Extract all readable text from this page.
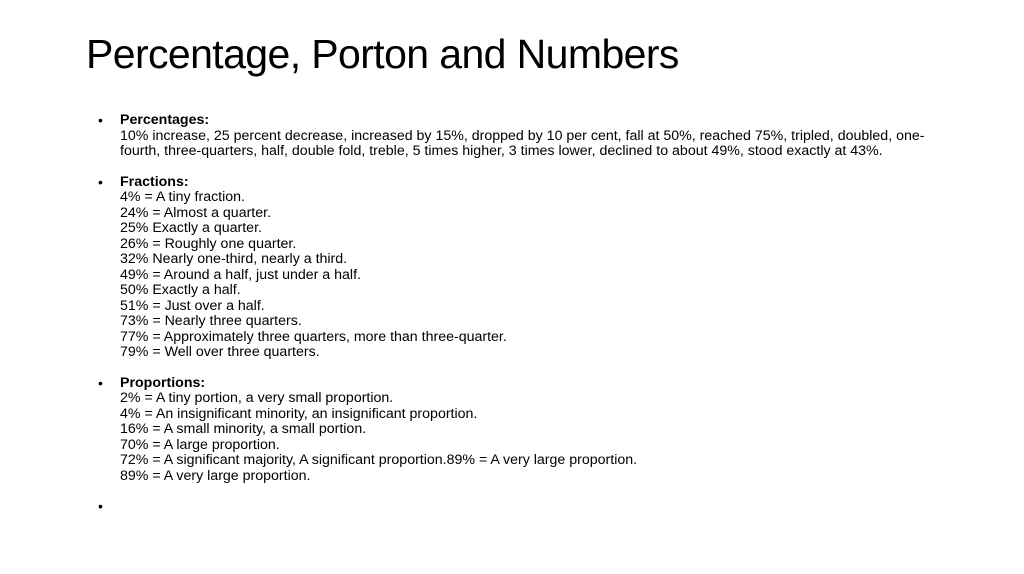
Percentage, Porton and Numbers
• Percentages:
10% increase, 25 percent decrease, increased by 15%, dropped by 10 per cent, fall at 50%, reached 75%, tripled, doubled, one-fourth, three-quarters, half, double fold, treble, 5 times higher, 3 times lower, declined to about 49%, stood exactly at 43%.
• Fractions:
4% = A tiny fraction.
24% = Almost a quarter.
25% Exactly a quarter.
26% = Roughly one quarter.
32% Nearly one-third, nearly a third.
49% = Around a half, just under a half.
50% Exactly a half.
51% = Just over a half.
73% = Nearly three quarters.
77% = Approximately three quarters, more than three-quarter.
79% = Well over three quarters.
• Proportions:
2% = A tiny portion, a very small proportion.
4% = An insignificant minority, an insignificant proportion.
16% = A small minority, a small portion.
70% = A large proportion.
72% = A significant majority, A significant proportion.89% = A very large proportion.
89% = A very large proportion.
•
